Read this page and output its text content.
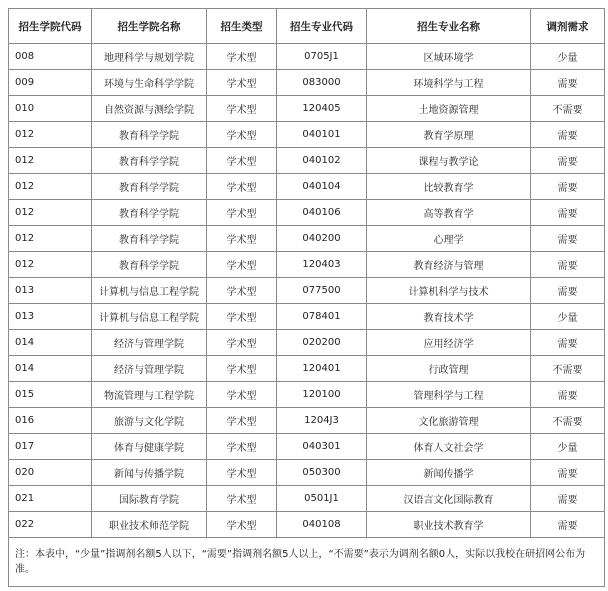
招生学院代码	招生学院名称	招生类型	招生专业代码	招生专业名称	调剂需求
008	地理科学与规划学院	学术型	0705J1	区域环境学	少量
009	环境与生命科学学院	学术型	083000	环境科学与工程	需要
010	自然资源与测绘学院	学术型	120405	土地资源管理	不需要
012	教育科学学院	学术型	040101	教育学原理	需要
012	教育科学学院	学术型	040102	课程与教学论	需要
012	教育科学学院	学术型	040104	比较教育学	需要
012	教育科学学院	学术型	040106	高等教育学	需要
012	教育科学学院	学术型	040200	心理学	需要
012	教育科学学院	学术型	120403	教育经济与管理	需要
013	计算机与信息工程学院	学术型	077500	计算机科学与技术	需要
013	计算机与信息工程学院	学术型	078401	教育技术学	少量
014	经济与管理学院	学术型	020200	应用经济学	需要
014	经济与管理学院	学术型	120401	行政管理	不需要
015	物流管理与工程学院	学术型	120100	管理科学与工程	需要
016	旅游与文化学院	学术型	1204J3	文化旅游管理	不需要
017	体育与健康学院	学术型	040301	体育人文社会学	少量
020	新闻与传播学院	学术型	050300	新闻传播学	需要
021	国际教育学院	学术型	0501J1	汉语言文化国际教育	需要
022	职业技术师范学院	学术型	040108	职业技术教育学	需要
注：本表中，“少量”指调剂名额5人以下，“需要”指调剂名额5人以上，“不需要”表示为调剂名额0人，实际以我校在研招网公布为准。					
